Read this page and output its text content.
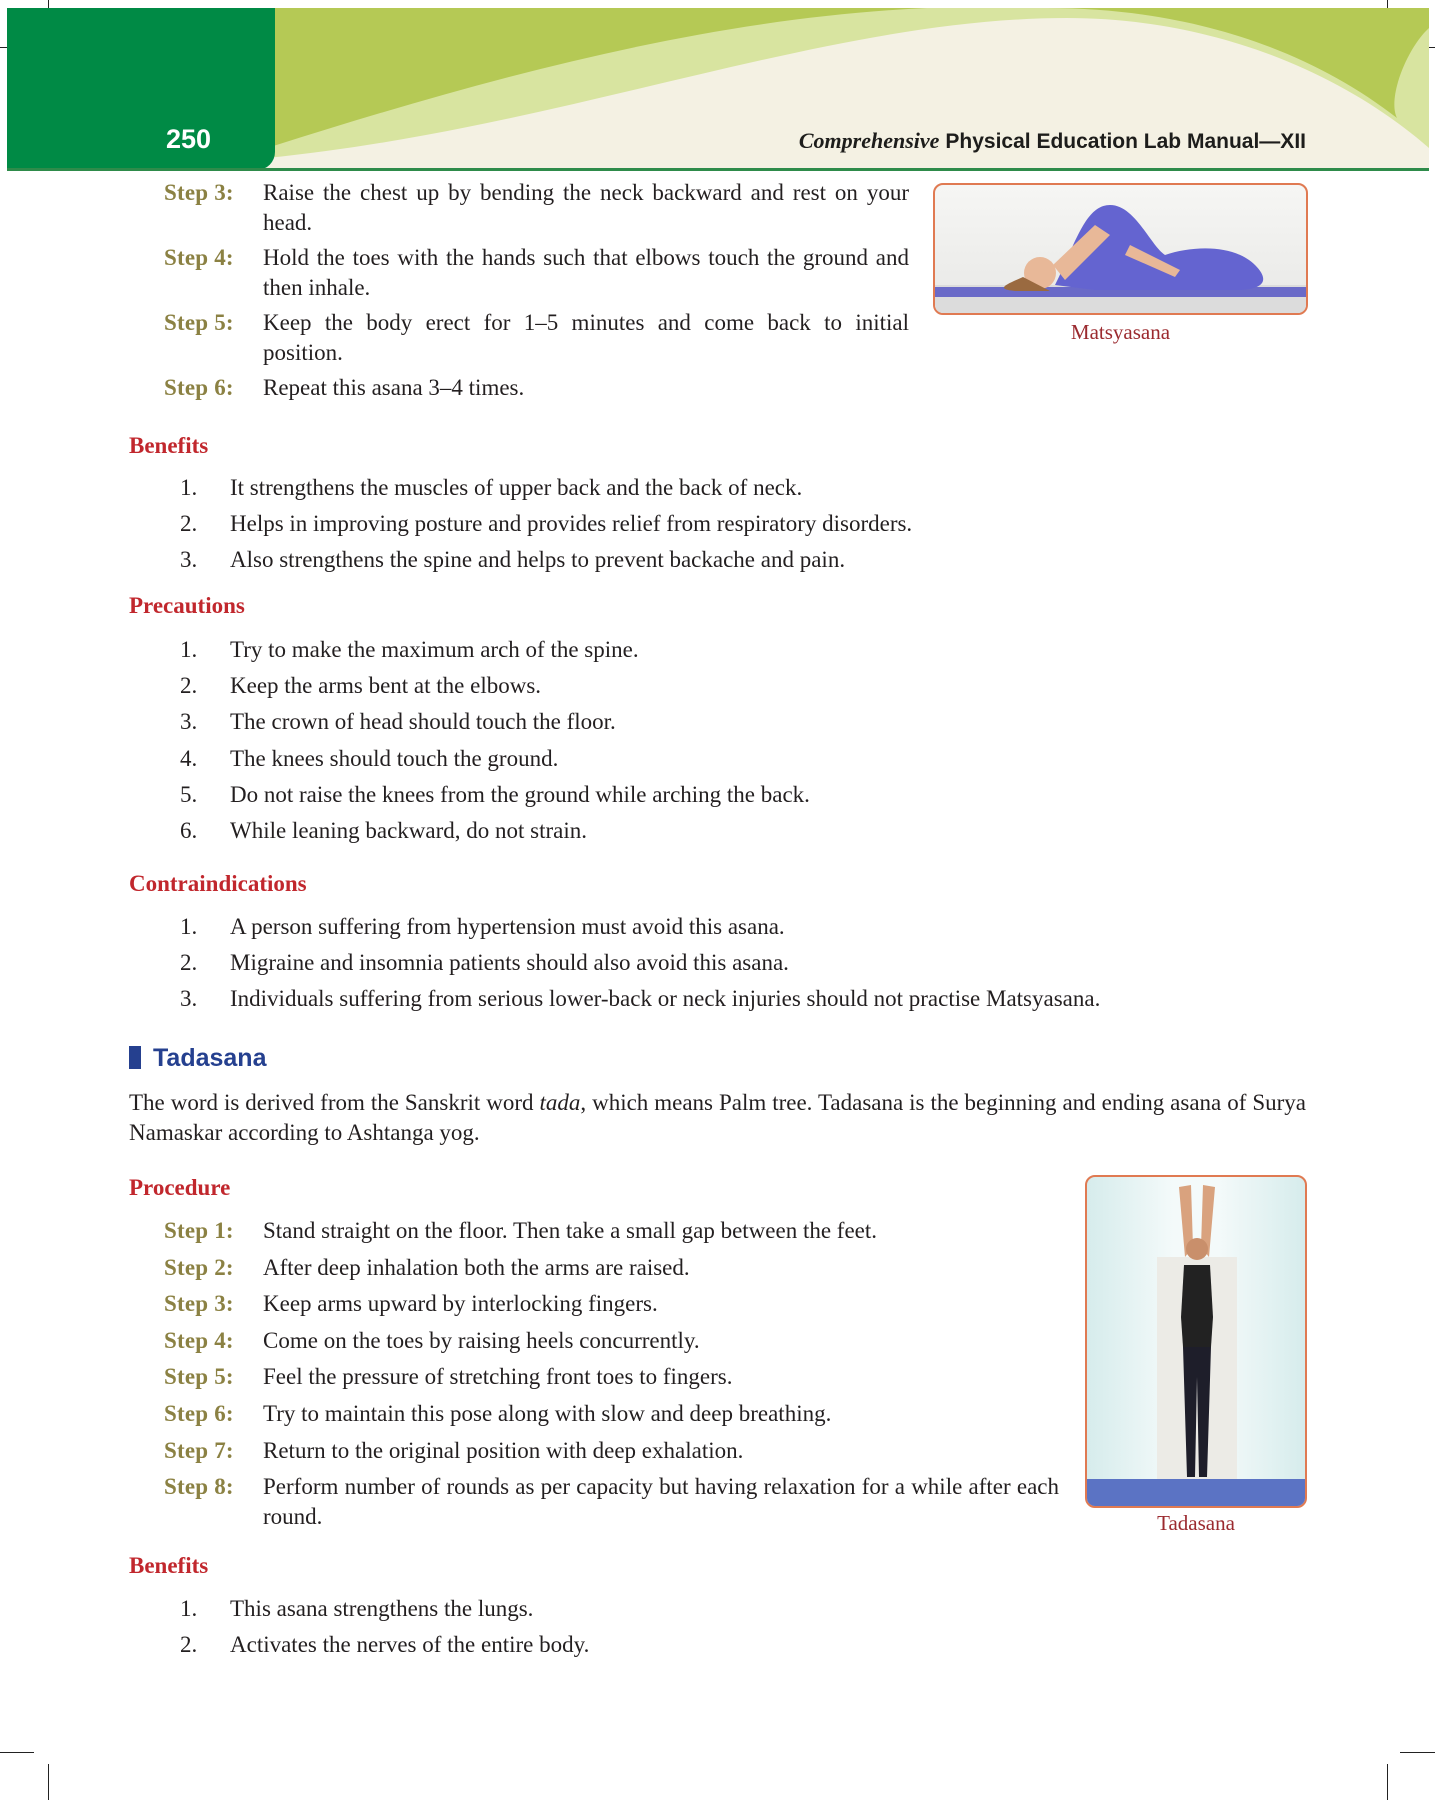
250	Comprehensive Physical Education Lab Manual—XII
Step 3: Raise the chest up by bending the neck backward and rest on your head.
Step 4: Hold the toes with the hands such that elbows touch the ground and then inhale.
Step 5: Keep the body erect for 1–5 minutes and come back to initial position.
Step 6: Repeat this asana 3–4 times.
Matsyasana
Benefits
1. It strengthens the muscles of upper back and the back of neck.
2. Helps in improving posture and provides relief from respiratory disorders.
3. Also strengthens the spine and helps to prevent backache and pain.
Precautions
1. Try to make the maximum arch of the spine.
2. Keep the arms bent at the elbows.
3. The crown of head should touch the floor.
4. The knees should touch the ground.
5. Do not raise the knees from the ground while arching the back.
6. While leaning backward, do not strain.
Contraindications
1. A person suffering from hypertension must avoid this asana.
2. Migraine and insomnia patients should also avoid this asana.
3. Individuals suffering from serious lower-back or neck injuries should not practise Matsyasana.
Tadasana
The word is derived from the Sanskrit word tada, which means Palm tree. Tadasana is the beginning and ending asana of Surya Namaskar according to Ashtanga yog.
Procedure
Step 1: Stand straight on the floor. Then take a small gap between the feet.
Step 2: After deep inhalation both the arms are raised.
Step 3: Keep arms upward by interlocking fingers.
Step 4: Come on the toes by raising heels concurrently.
Step 5: Feel the pressure of stretching front toes to fingers.
Step 6: Try to maintain this pose along with slow and deep breathing.
Step 7: Return to the original position with deep exhalation.
Step 8: Perform number of rounds as per capacity but having relaxation for a while after each round.	Tadasana
Benefits
1. This asana strengthens the lungs.
2. Activates the nerves of the entire body.
